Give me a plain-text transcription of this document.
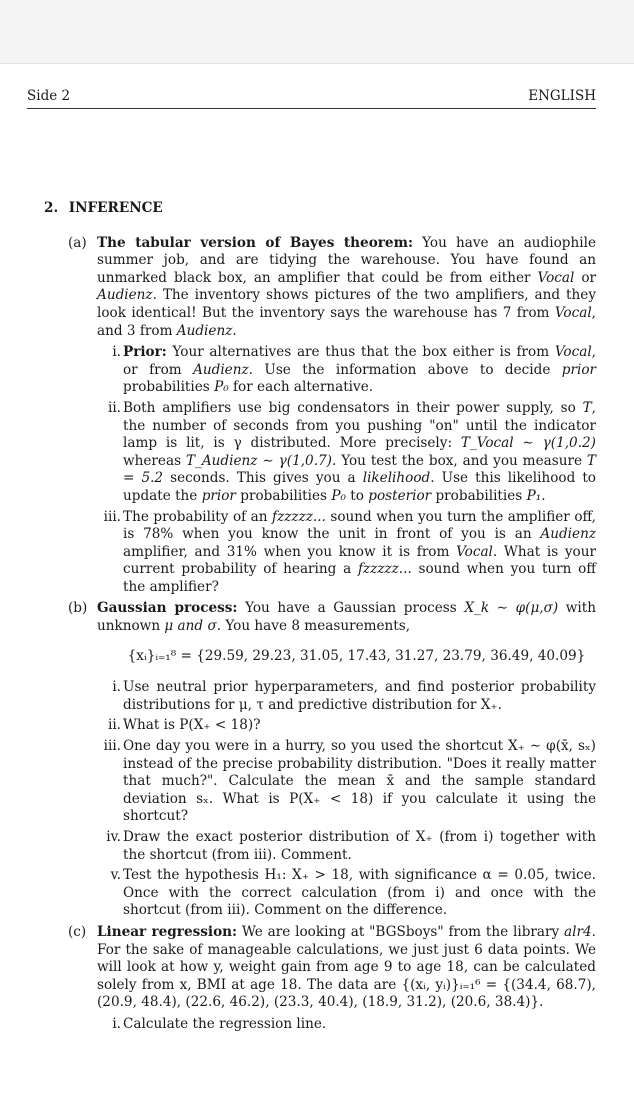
Side 2	ENGLISH
2. INFERENCE
(a) The tabular version of Bayes theorem: You have an audiophile summer job, and are tidying the warehouse. You have found an unmarked black box, an amplifier that could be from either Vocal or Audienz. The inventory shows pictures of the two amplifiers, and they look identical! But the inventory says the warehouse has 7 from Vocal, and 3 from Audienz.
i. Prior: Your alternatives are thus that the box either is from Vocal, or from Audienz. Use the information above to decide prior probabilities P₀ for each alternative.
ii. Both amplifiers use big condensators in their power supply, so T, the number of seconds from you pushing "on" until the indicator lamp is lit, is γ distributed. More precisely: T_Vocal ∼ γ(1,0.2) whereas T_Audienz ∼ γ(1,0.7). You test the box, and you measure T = 5.2 seconds. This gives you a likelihood. Use this likelihood to update the prior probabilities P₀ to posterior probabilities P₁.
iii. The probability of an fzzzzz... sound when you turn the amplifier off, is 78% when you know the unit in front of you is an Audienz amplifier, and 31% when you know it is from Vocal. What is your current probability of hearing a fzzzzz... sound when you turn off the amplifier?
(b) Gaussian process: You have a Gaussian process X_k ∼ φ(μ,σ) with unknown μ and σ. You have 8 measurements,
{xᵢ}ᵢ₌₁⁸ = {29.59, 29.23, 31.05, 17.43, 31.27, 23.79, 36.49, 40.09}
i. Use neutral prior hyperparameters, and find posterior probability distributions for μ, τ and predictive distribution for X₊.
ii. What is P(X₊ < 18)?
iii. One day you were in a hurry, so you used the shortcut X₊ ∼ φ(x̄, sₓ) instead of the precise probability distribution. "Does it really matter that much?". Calculate the mean x̄ and the sample standard deviation sₓ. What is P(X₊ < 18) if you calculate it using the shortcut?
iv. Draw the exact posterior distribution of X₊ (from i) together with the shortcut (from iii). Comment.
v. Test the hypothesis H₁: X₊ > 18, with significance α = 0.05, twice. Once with the correct calculation (from i) and once with the shortcut (from iii). Comment on the difference.
(c) Linear regression: We are looking at "BGSboys" from the library alr4. For the sake of manageable calculations, we just just 6 data points. We will look at how y, weight gain from age 9 to age 18, can be calculated solely from x, BMI at age 18. The data are {(xᵢ, yᵢ)}ᵢ₌₁⁶ = {(34.4, 68.7), (20.9, 48.4), (22.6, 46.2), (23.3, 40.4), (18.9, 31.2), (20.6, 38.4)}.
i. Calculate the regression line.
